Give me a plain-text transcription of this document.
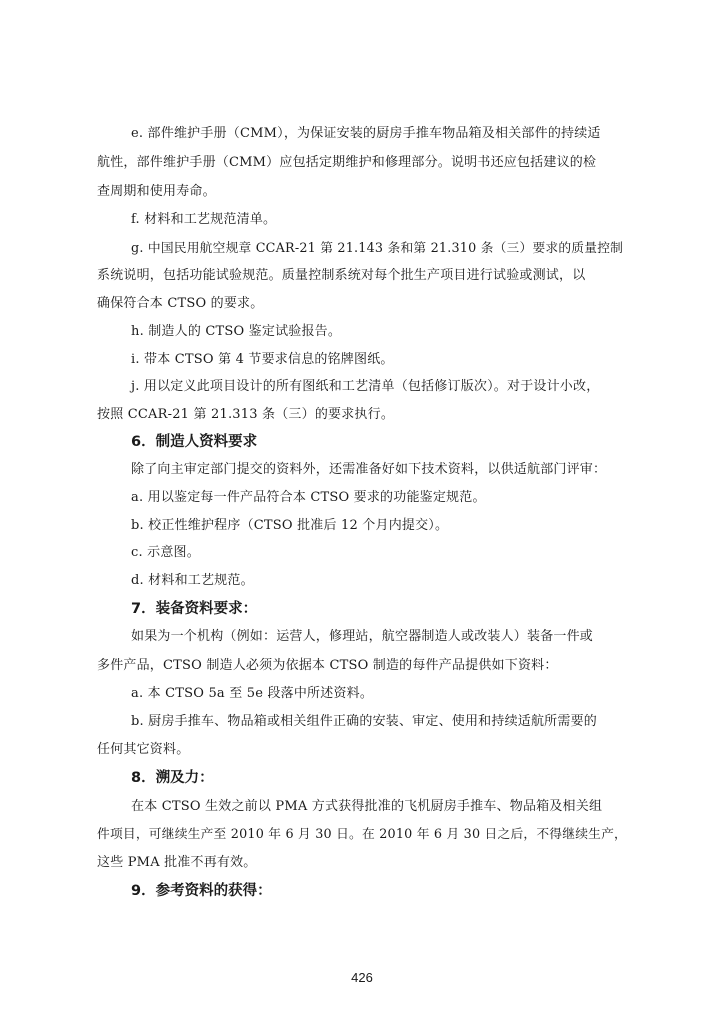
e. 部件维护手册（CMM），为保证安装的厨房手推车物品箱及相关部件的持续适
航性，部件维护手册（CMM）应包括定期维护和修理部分。说明书还应包括建议的检
查周期和使用寿命。
f. 材料和工艺规范清单。
g. 中国民用航空规章 CCAR-21 第 21.143 条和第 21.310 条（三）要求的质量控制
系统说明，包括功能试验规范。质量控制系统对每个批生产项目进行试验或测试，以
确保符合本 CTSO 的要求。
h. 制造人的 CTSO 鉴定试验报告。
i. 带本 CTSO 第 4 节要求信息的铭牌图纸。
j. 用以定义此项目设计的所有图纸和工艺清单（包括修订版次）。对于设计小改，
按照 CCAR-21 第 21.313 条（三）的要求执行。
6．制造人资料要求
除了向主审定部门提交的资料外，还需准备好如下技术资料，以供适航部门评审：
a. 用以鉴定每一件产品符合本 CTSO 要求的功能鉴定规范。
b. 校正性维护程序（CTSO 批准后 12 个月内提交）。
c. 示意图。
d. 材料和工艺规范。
7．装备资料要求：
如果为一个机构（例如：运营人，修理站，航空器制造人或改装人）装备一件或
多件产品，CTSO 制造人必须为依据本 CTSO 制造的每件产品提供如下资料：
a. 本 CTSO 5a 至 5e 段落中所述资料。
b. 厨房手推车、物品箱或相关组件正确的安装、审定、使用和持续适航所需要的
任何其它资料。
8．溯及力：
在本 CTSO 生效之前以 PMA 方式获得批准的飞机厨房手推车、物品箱及相关组
件项目，可继续生产至 2010 年 6 月 30 日。在 2010 年 6 月 30 日之后，不得继续生产，
这些 PMA 批准不再有效。
9．参考资料的获得：
426
